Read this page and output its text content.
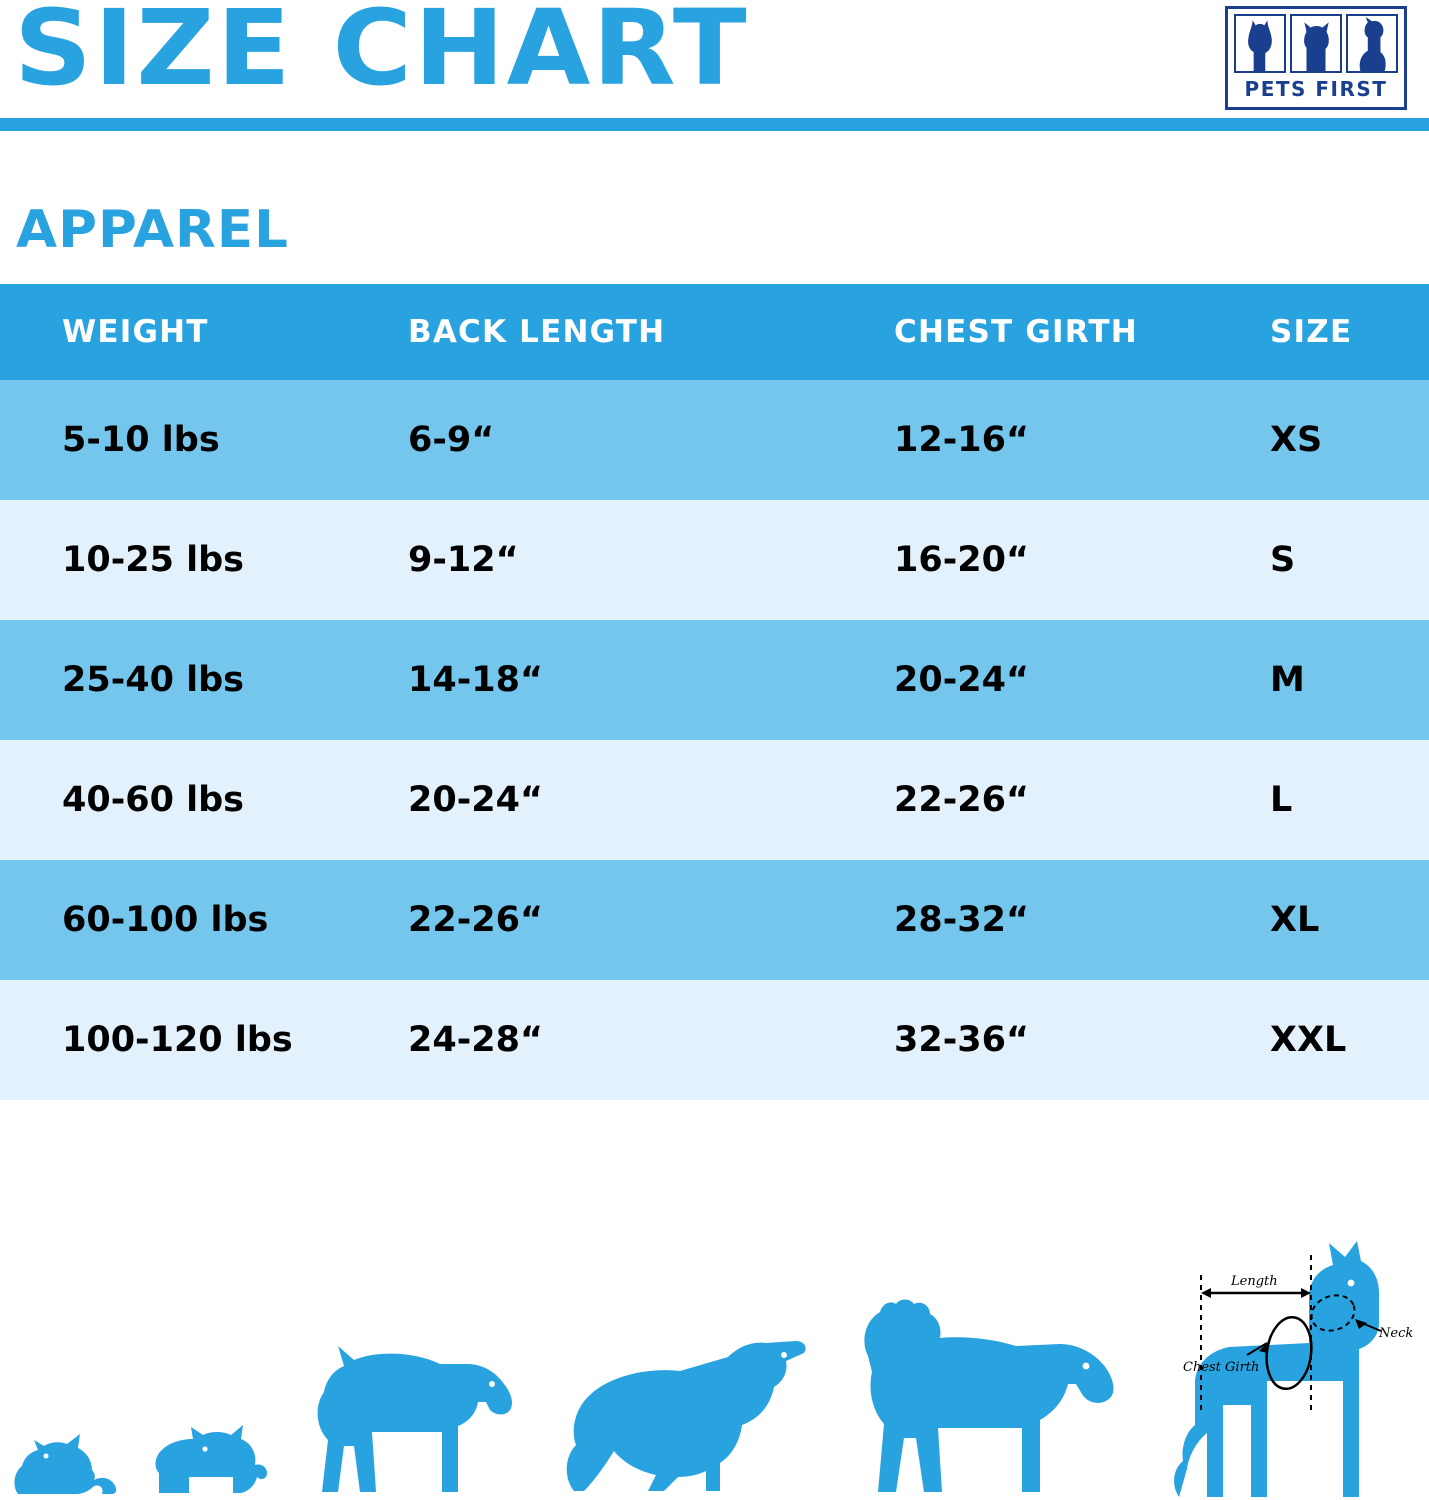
SIZE CHART	PETS FIRST
APPAREL
WEIGHT	BACK LENGTH	CHEST GIRTH	SIZE
5-10 lbs	6-9“	12-16“	XS
10-25 lbs	9-12“	16-20“	S
25-40 lbs	14-18“	20-24“	M
40-60 lbs	20-24“	22-26“	L
60-100 lbs	22-26“	28-32“	XL
100-120 lbs	24-28“	32-36“	XXL
Length
Neck
Chest Girth
